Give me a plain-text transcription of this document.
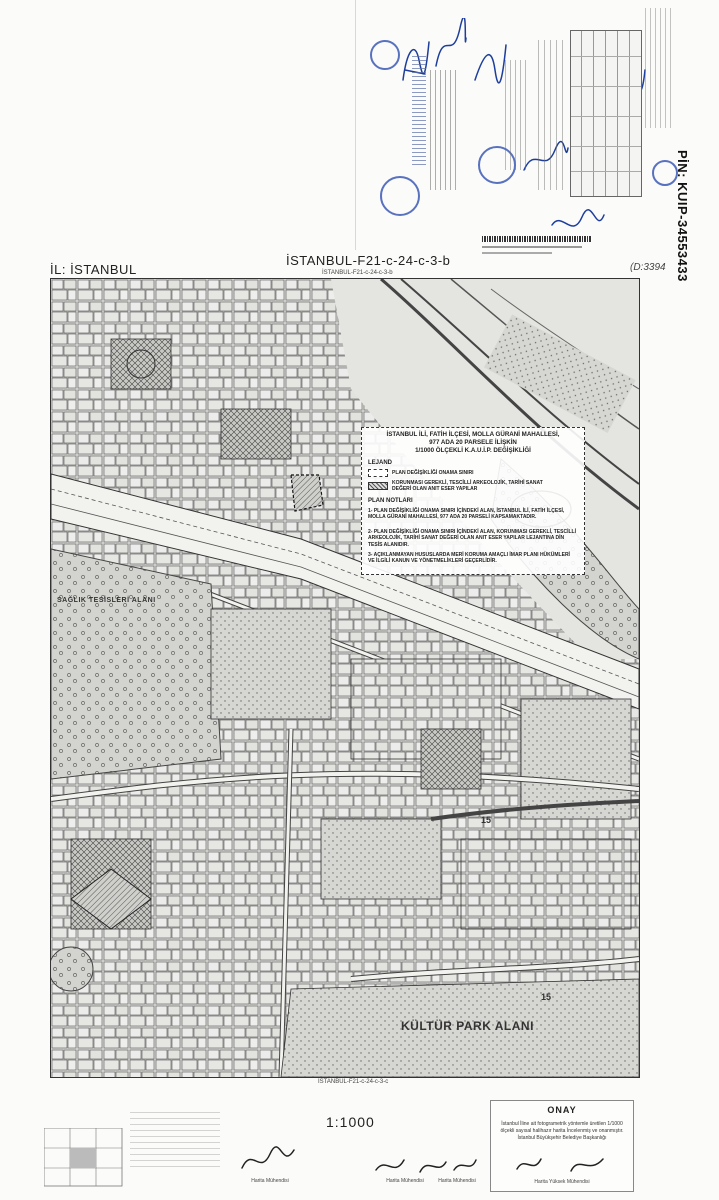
PİN: KUIP-34553433
İL: İSTANBUL
İSTANBUL-F21-c-24-c-3-b
İSTANBUL-F21-c-24-c-3-b	(D:3394
İSTANBUL İLİ, FATİH İLÇESİ, MOLLA GÜRANİ MAHALLESİ,
977 ADA 20 PARSELE İLİŞKİN
1/1000 ÖLÇEKLİ K.A.U.İ.P. DEĞİŞİKLİĞİ
LEJAND
PLAN DEĞİŞİKLİĞİ ONAMA SINIRI
KORUNMASI GEREKLİ, TESCİLLİ ARKEOLOJİK, TARİHİ SANAT DEĞERİ OLAN ANIT ESER YAPILAR
PLAN NOTLARI
1- PLAN DEĞİŞİKLİĞİ ONAMA SINIRI İÇİNDEKİ ALAN, İSTANBUL İLİ, FATİH İLÇESİ, MOLLA GÜRANİ MAHALLESİ, 977 ADA 20 PARSELİ KAPSAMAKTADIR.
2- PLAN DEĞİŞİKLİĞİ ONAMA SINIRI İÇİNDEKİ ALAN, KORUNMASI GEREKLİ, TESCİLLİ ARKEOLOJİK, TARİHİ SANAT DEĞERİ OLAN ANIT ESER YAPILAR LEJANTINA DİN TESİS ALANIDIR.
3- AÇIKLANMAYAN HUSUSLARDA MERİ KORUMA AMAÇLI İMAR PLANI HÜKÜMLERİ VE İLGİLİ KANUN VE YÖNETMELİKLERİ GEÇERLİDİR.
SAĞLIK TESİSLERİ ALANI
KÜLTÜR PARK ALANI
15
15
İSTANBUL-F21-c-24-c-3-c
Harita Mühendisi
1:1000
Harita Mühendisi	Harita Mühendisi
ONAY
İstanbul İline ait fotogrametrik yöntemle üretilen 1/1000 ölçekli sayısal halihazır harita İncelenmiş ve onanmıştır. İstanbul Büyükşehir Belediye Başkanlığı
Harita Yüksek Mühendisi
